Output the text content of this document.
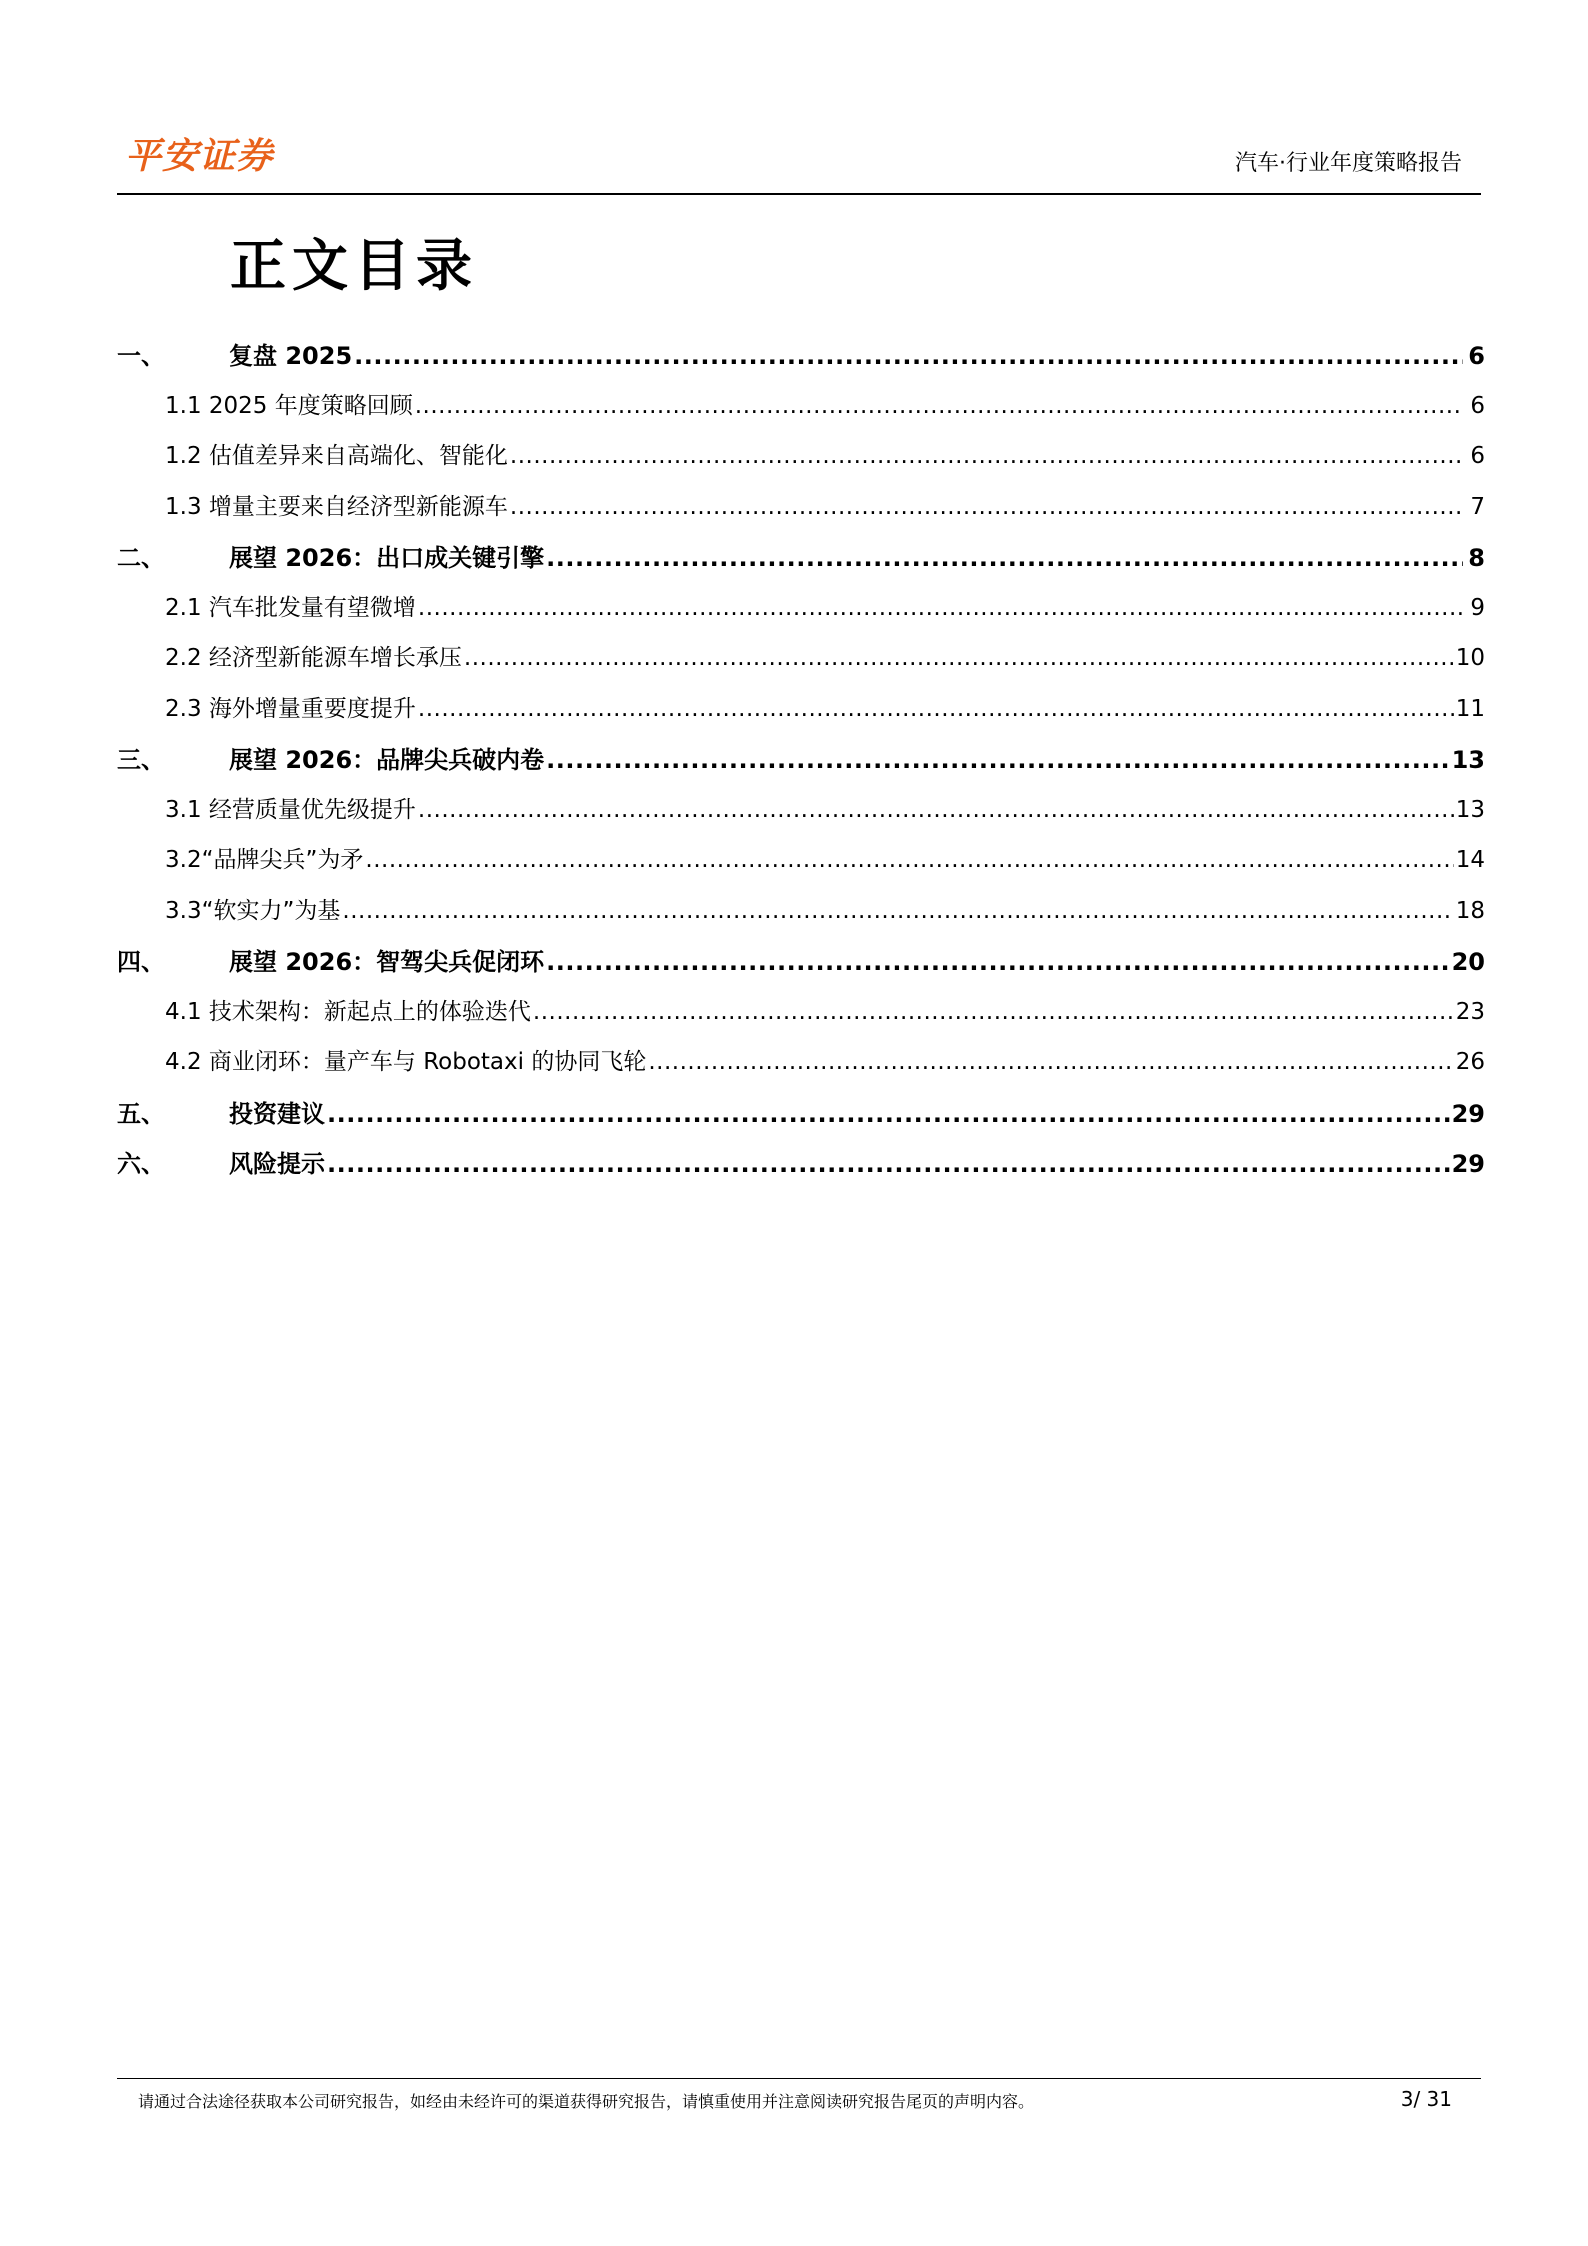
平安证券	汽车·行业年度策略报告
正文目录
一、	复盘 2025 .....	6
1.1 2025 年度策略回顾 .....	6
1.2 估值差异来自高端化、智能化 .....	6
1.3 增量主要来自经济型新能源车 .....	7
二、	展望 2026：出口成关键引擎 .....	8
2.1 汽车批发量有望微增 .....	9
2.2 经济型新能源车增长承压 .....	10
2.3 海外增量重要度提升 .....	11
三、	展望 2026：品牌尖兵破内卷 .....	13
3.1 经营质量优先级提升 .....	13
3.2“品牌尖兵”为矛 .....	14
3.3“软实力”为基 .....	18
四、	展望 2026：智驾尖兵促闭环 .....	20
4.1 技术架构：新起点上的体验迭代 .....	23
4.2 商业闭环：量产车与 Robotaxi 的协同飞轮 .....	26
五、	投资建议 .....	29
六、	风险提示 .....	29
请通过合法途径获取本公司研究报告，如经由未经许可的渠道获得研究报告，请慎重使用并注意阅读研究报告尾页的声明内容。	3/ 31
